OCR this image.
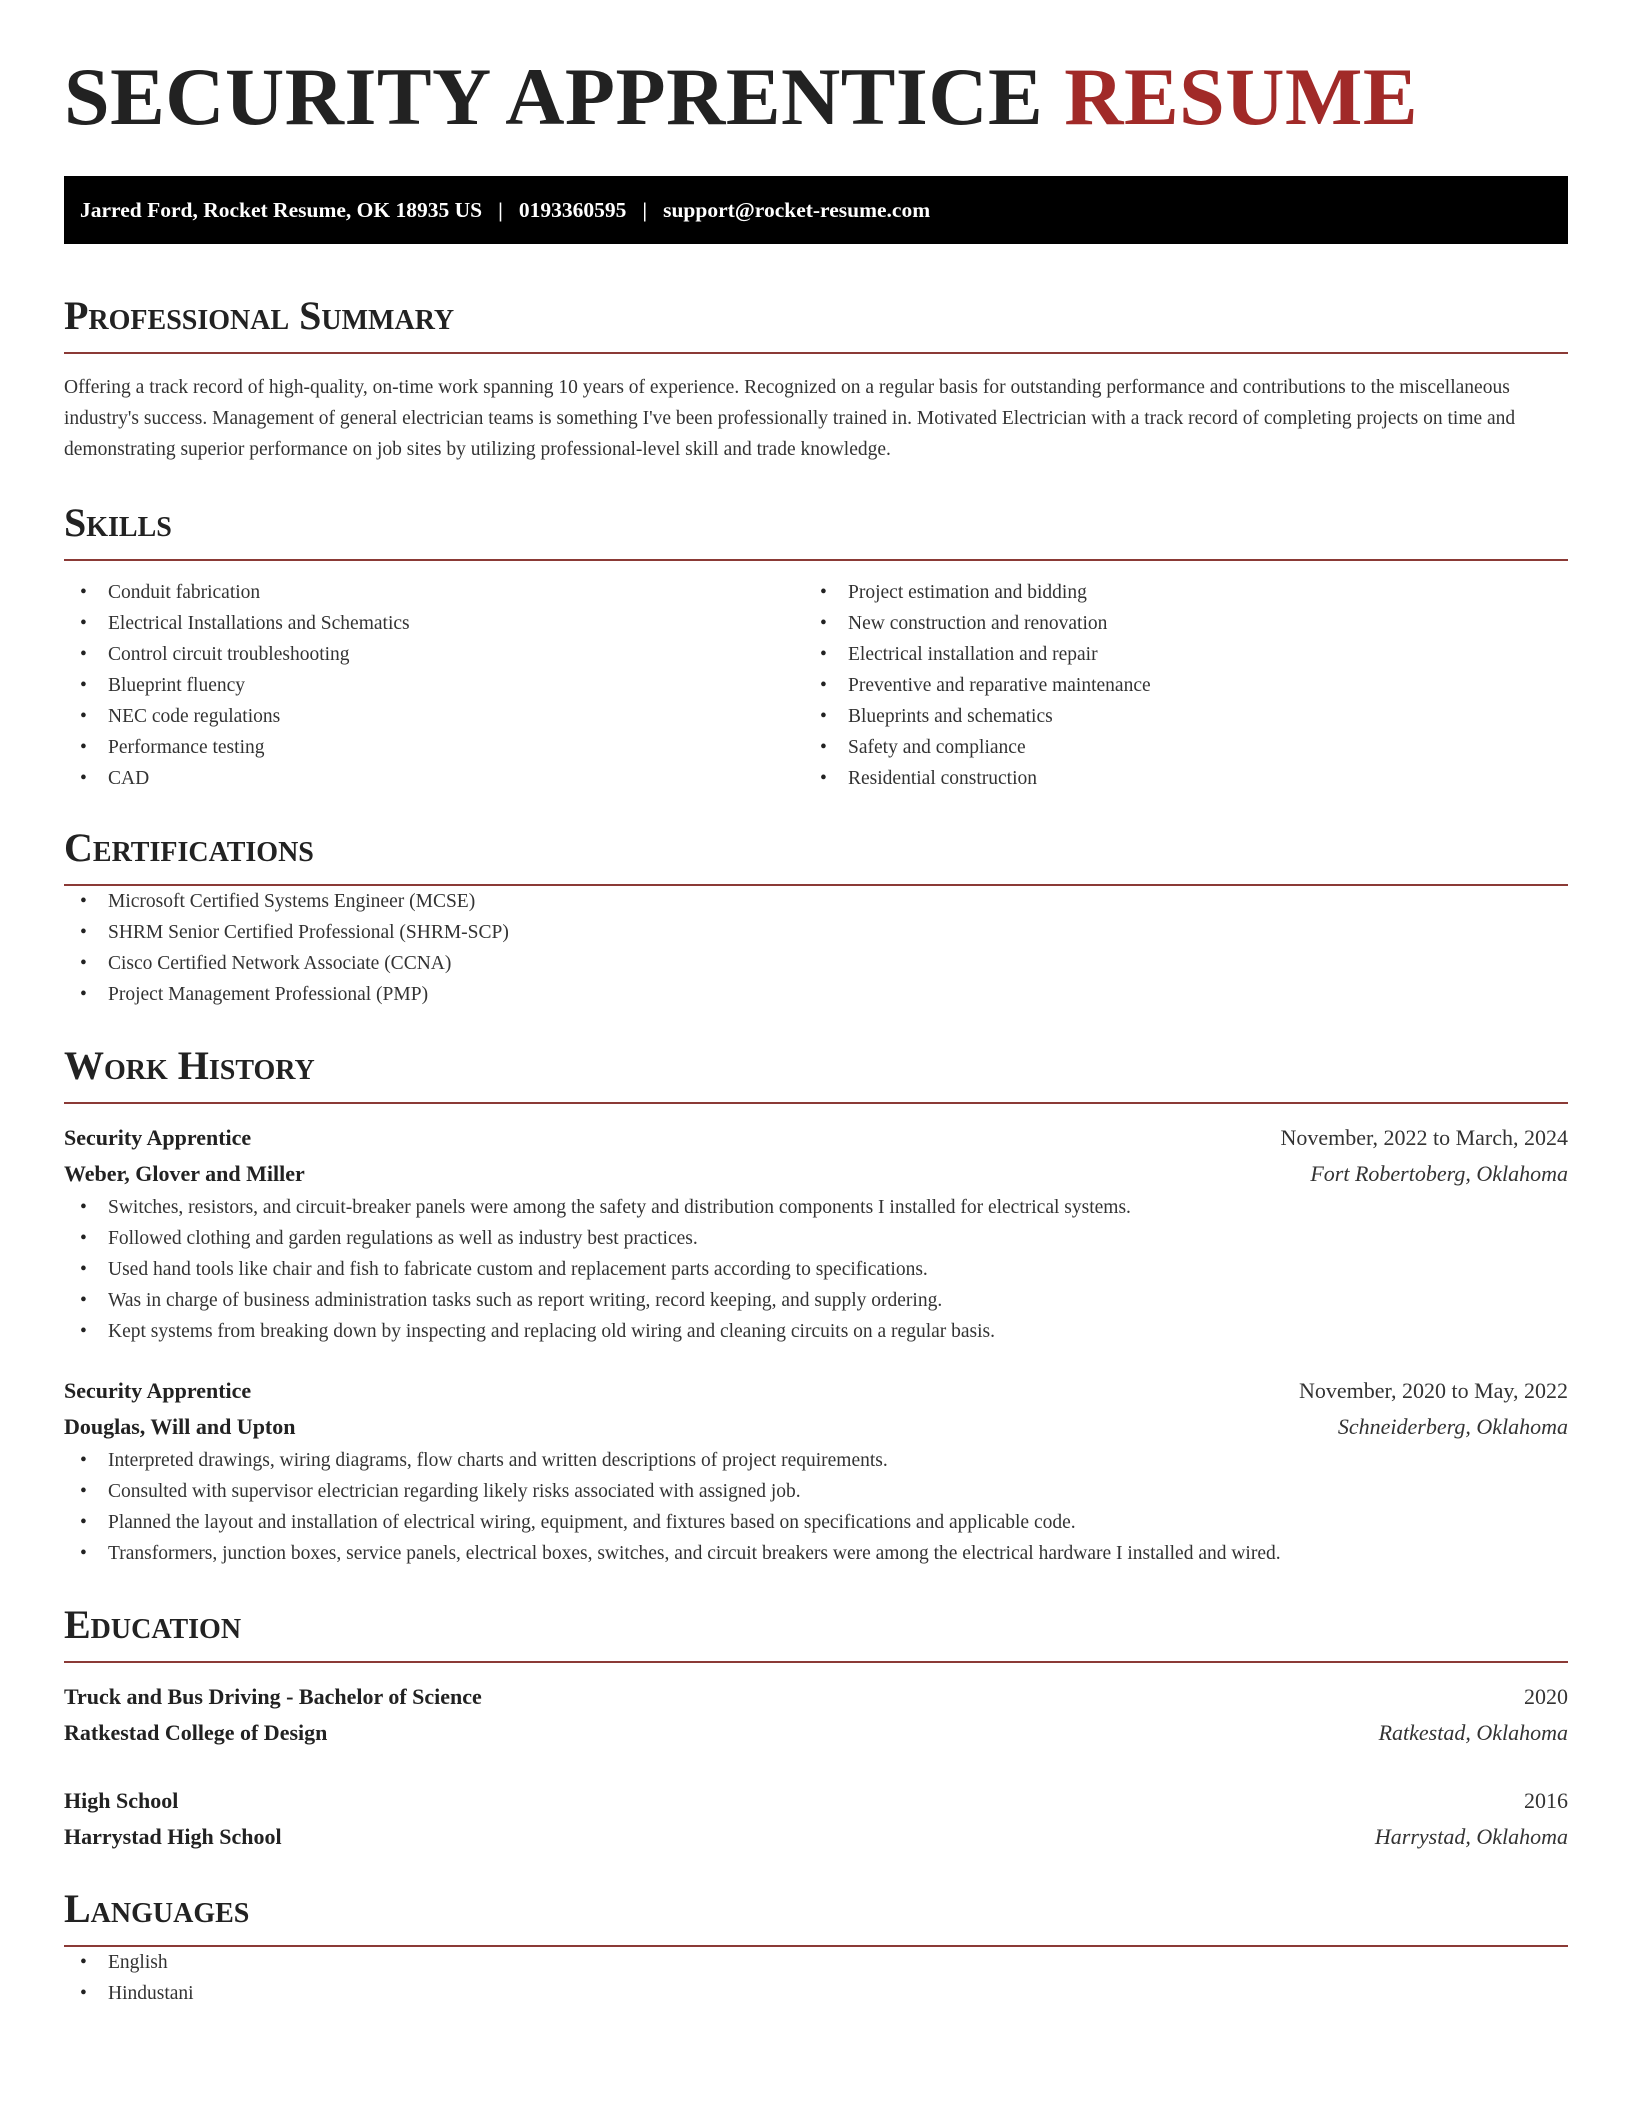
SECURITY APPRENTICE RESUME
Jarred Ford, Rocket Resume, OK 18935 US | 0193360595 | support@rocket-resume.com
Professional Summary

Offering a track record of high-quality, on-time work spanning 10 years of experience. Recognized on a regular basis for outstanding performance and contributions to the miscellaneous industry's success. Management of general electrician teams is something I've been professionally trained in. Motivated Electrician with a track record of completing projects on time and demonstrating superior performance on job sites by utilizing professional-level skill and trade knowledge.

Skills
• Conduit fabrication
• Electrical Installations and Schematics
• Control circuit troubleshooting
• Blueprint fluency
• NEC code regulations
• Performance testing
• CAD
• Project estimation and bidding
• New construction and renovation
• Electrical installation and repair
• Preventive and reparative maintenance
• Blueprints and schematics
• Safety and compliance
• Residential construction
Certifications
• Microsoft Certified Systems Engineer (MCSE)
• SHRM Senior Certified Professional (SHRM-SCP)
• Cisco Certified Network Associate (CCNA)
• Project Management Professional (PMP)
Work History
Security Apprentice	November, 2022 to March, 2024
Weber, Glover and Miller	Fort Robertoberg, Oklahoma
• Switches, resistors, and circuit-breaker panels were among the safety and distribution components I installed for electrical systems.
• Followed clothing and garden regulations as well as industry best practices.
• Used hand tools like chair and fish to fabricate custom and replacement parts according to specifications.
• Was in charge of business administration tasks such as report writing, record keeping, and supply ordering.
• Kept systems from breaking down by inspecting and replacing old wiring and cleaning circuits on a regular basis.
Security Apprentice	November, 2020 to May, 2022
Douglas, Will and Upton	Schneiderberg, Oklahoma
• Interpreted drawings, wiring diagrams, flow charts and written descriptions of project requirements.
• Consulted with supervisor electrician regarding likely risks associated with assigned job.
• Planned the layout and installation of electrical wiring, equipment, and fixtures based on specifications and applicable code.
• Transformers, junction boxes, service panels, electrical boxes, switches, and circuit breakers were among the electrical hardware I installed and wired.
Education
Truck and Bus Driving - Bachelor of Science	2020
Ratkestad College of Design	Ratkestad, Oklahoma
High School	2016
Harrystad High School	Harrystad, Oklahoma
Languages
• English
• Hindustani
